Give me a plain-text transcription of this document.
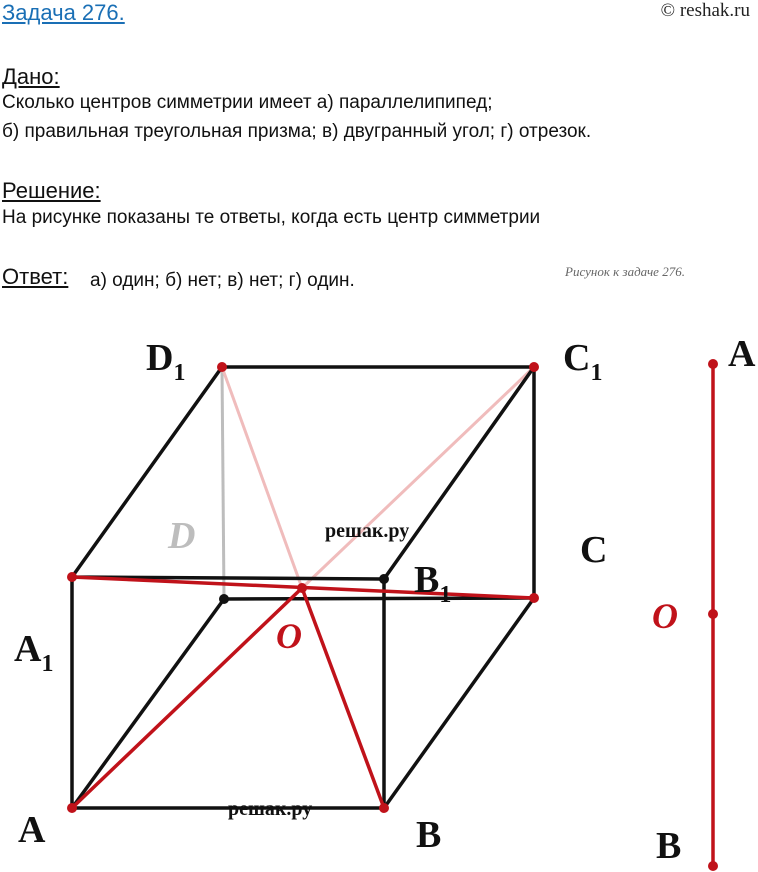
Задача 276.	© reshak.ru
Дано:
Сколько центров симметрии имеет а) параллелипипед;
б) правильная треугольная призма; в) двугранный угол; г) отрезок.
Решение:
На рисунке показаны те ответы, когда есть центр симметрии
Ответ: а) один; б) нет; в) нет; г) один.	Рисунок к задаче 276.
$D_1$	$C_1$
D	C
$B_1$
$A_1$
O
A	B
решак.ру
решак.ру
A
O
B
